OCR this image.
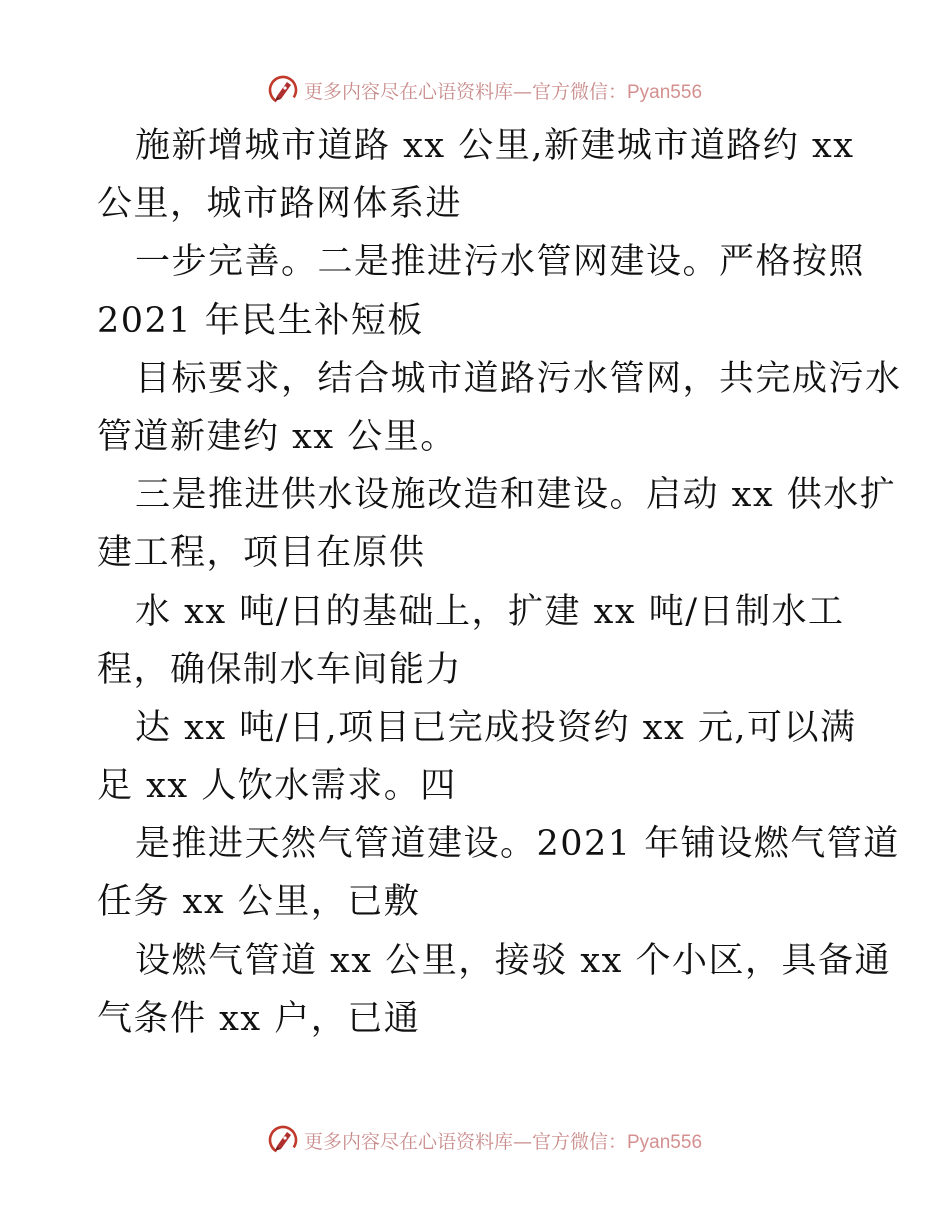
更多内容尽在心语资料库—官方微信：Pyan556
施新增城市道路 xx 公里,新建城市道路约 xx
公里，城市路网体系进
一步完善。二是推进污水管网建设。严格按照
2021 年民生补短板
目标要求，结合城市道路污水管网，共完成污水
管道新建约 xx 公里。
三是推进供水设施改造和建设。启动 xx 供水扩
建工程，项目在原供
水 xx 吨/日的基础上，扩建 xx 吨/日制水工
程，确保制水车间能力
达 xx 吨/日,项目已完成投资约 xx 元,可以满
足 xx 人饮水需求。四
是推进天然气管道建设。2021 年铺设燃气管道
任务 xx 公里，已敷
设燃气管道 xx 公里，接驳 xx 个小区，具备通
气条件 xx 户，已通
更多内容尽在心语资料库—官方微信：Pyan556
